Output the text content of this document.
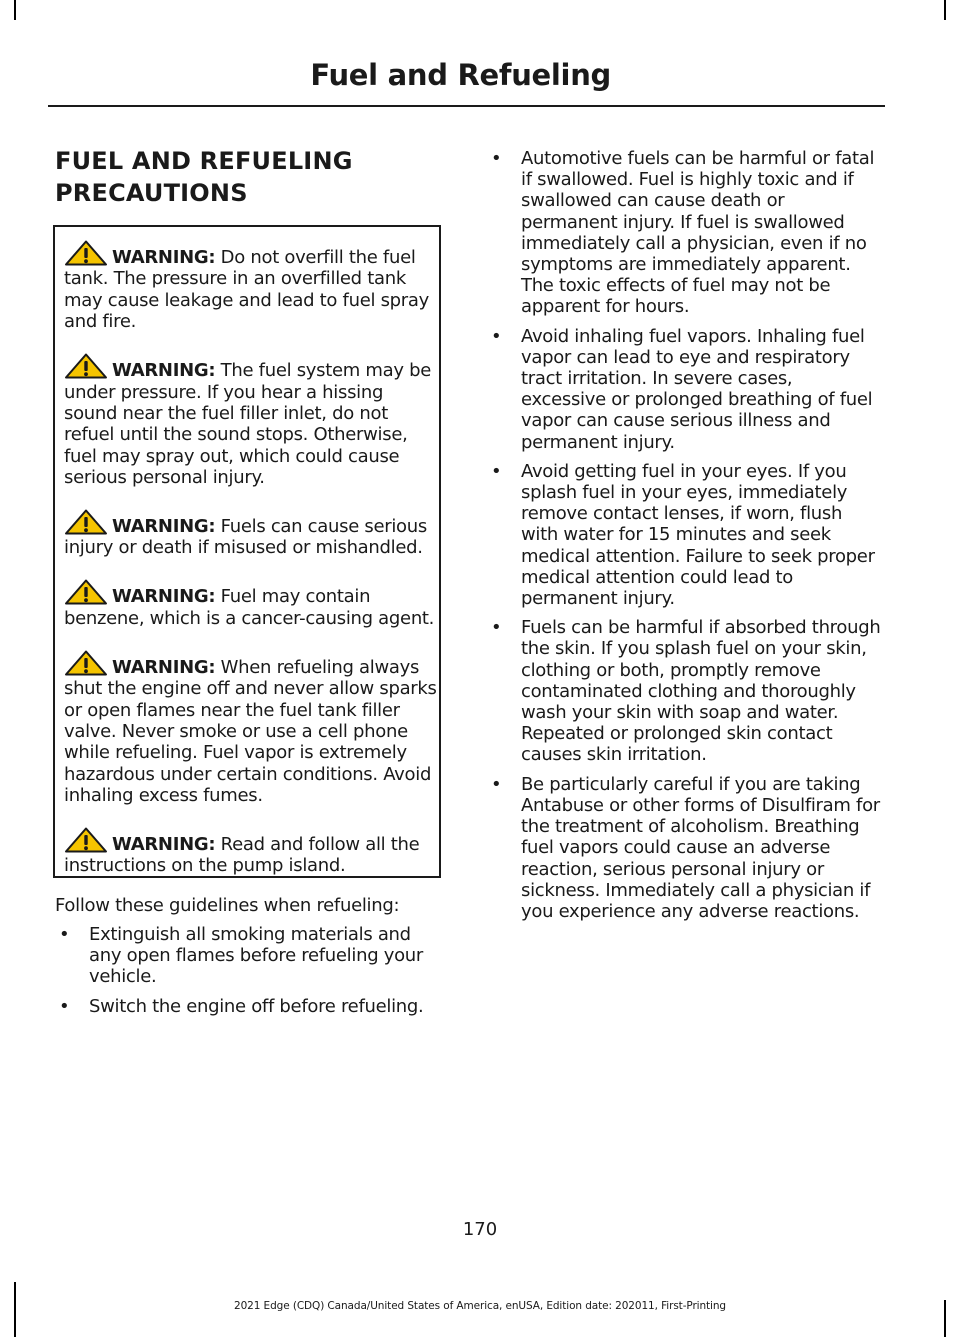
Fuel and Refueling
FUEL AND REFUELING PRECAUTIONS

WARNING: Do not overfill the fuel tank. The pressure in an overfilled tank may cause leakage and lead to fuel spray and fire.

WARNING: The fuel system may be under pressure. If you hear a hissing sound near the fuel filler inlet, do not refuel until the sound stops. Otherwise, fuel may spray out, which could cause serious personal injury.

WARNING: Fuels can cause serious injury or death if misused or mishandled.

WARNING: Fuel may contain benzene, which is a cancer-causing agent.

WARNING: When refueling always shut the engine off and never allow sparks or open flames near the fuel tank filler valve. Never smoke or use a cell phone while refueling. Fuel vapor is extremely hazardous under certain conditions. Avoid inhaling excess fumes.

WARNING: Read and follow all the instructions on the pump island.

Follow these guidelines when refueling:
• Extinguish all smoking materials and any open flames before refueling your vehicle.
• Switch the engine off before refueling.
• Automotive fuels can be harmful or fatal if swallowed. Fuel is highly toxic and if swallowed can cause death or permanent injury. If fuel is swallowed immediately call a physician, even if no symptoms are immediately apparent. The toxic effects of fuel may not be apparent for hours.
• Avoid inhaling fuel vapors. Inhaling fuel vapor can lead to eye and respiratory tract irritation. In severe cases, excessive or prolonged breathing of fuel vapor can cause serious illness and permanent injury.
• Avoid getting fuel in your eyes. If you splash fuel in your eyes, immediately remove contact lenses, if worn, flush with water for 15 minutes and seek medical attention. Failure to seek proper medical attention could lead to permanent injury.
• Fuels can be harmful if absorbed through the skin. If you splash fuel on your skin, clothing or both, promptly remove contaminated clothing and thoroughly wash your skin with soap and water. Repeated or prolonged skin contact causes skin irritation.
• Be particularly careful if you are taking Antabuse or other forms of Disulfiram for the treatment of alcoholism. Breathing fuel vapors could cause an adverse reaction, serious personal injury or sickness. Immediately call a physician if you experience any adverse reactions.
170
2021 Edge (CDQ) Canada/United States of America, enUSA, Edition date: 202011, First-Printing
